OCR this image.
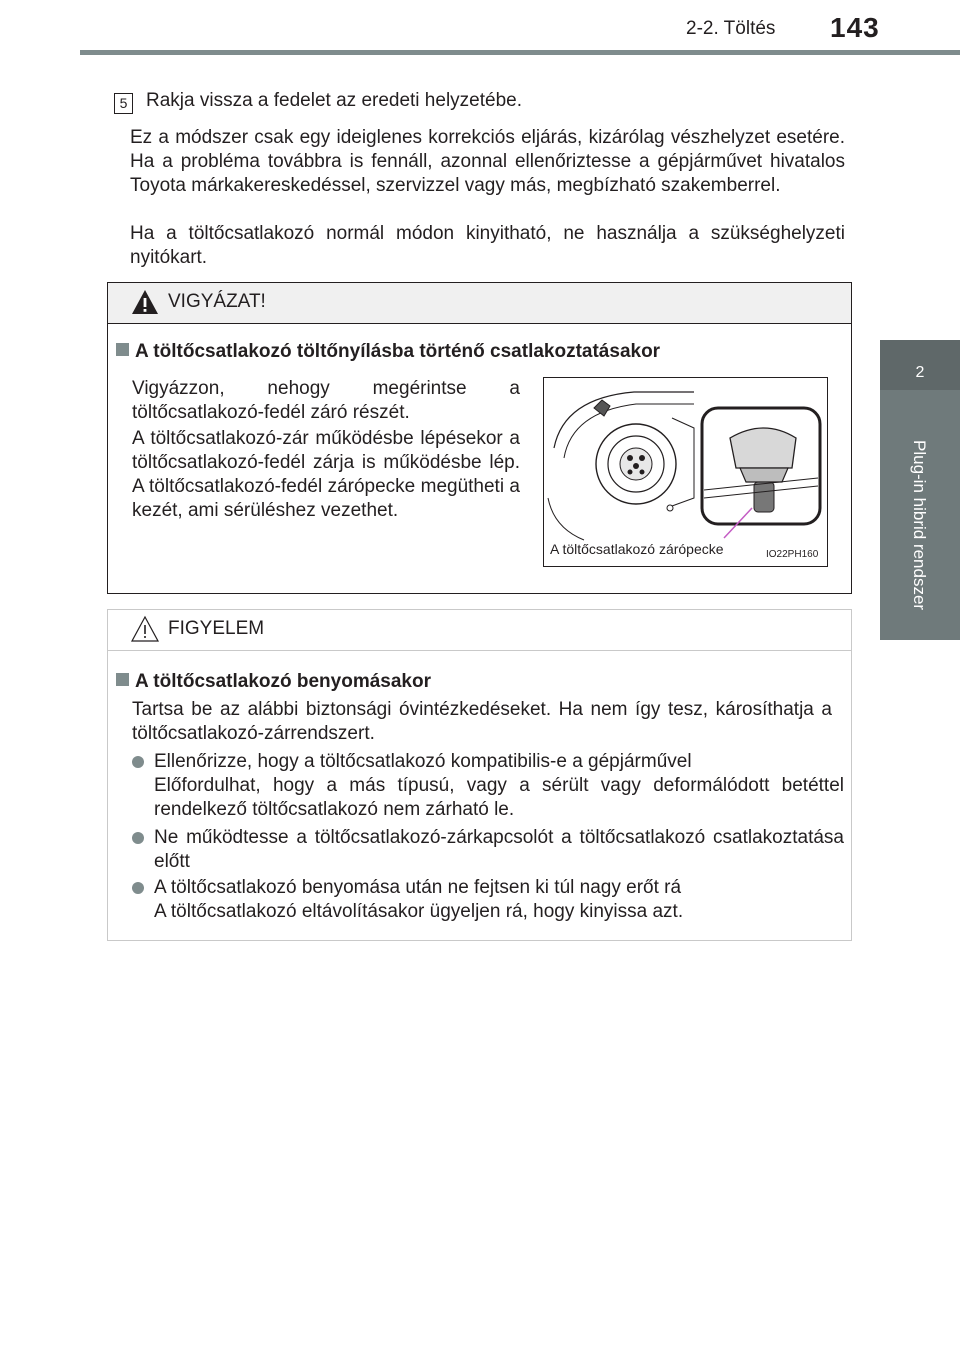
2-2. Töltés 143
2
Plug-in hibrid rendszer
5 Rakja vissza a fedelet az eredeti helyzetébe.

Ez a módszer csak egy ideiglenes korrekciós eljárás, kizárólag vészhelyzet esetére. Ha a probléma továbbra is fennáll, azonnal ellenőriztesse a gépjárművet hivatalos Toyota márkakereskedéssel, szervizzel vagy más, megbízható szakemberrel.

Ha a töltőcsatlakozó normál módon kinyitható, ne használja a szükséghelyzeti nyitókart.

VIGYÁZAT!
A töltőcsatlakozó töltőnyílásba történő csatlakoztatásakor

Vigyázzon, nehogy megérintse a töltőcsatlakozó-fedél záró részét.

A töltőcsatlakozó-zár működésbe lépésekor a töltőcsatlakozó-fedél zárja is működésbe lép. A töltőcsatlakozó-fedél zárópecke megütheti a kezét, ami sérüléshez vezethet.

A töltőcsatlakozó zárópecke	IO22PH160
FIGYELEM
A töltőcsatlakozó benyomásakor

Tartsa be az alábbi biztonsági óvintézkedéseket. Ha nem így tesz, károsíthatja a töltőcsatlakozó-zárrendszert.

Ellenőrizze, hogy a töltőcsatlakozó kompatibilis-e a gépjárművel
Előfordulhat, hogy a más típusú, vagy a sérült vagy deformálódott betéttel rendelkező töltőcsatlakozó nem zárható le.
Ne működtesse a töltőcsatlakozó-zárkapcsolót a töltőcsatlakozó csatlakoztatása előtt
A töltőcsatlakozó benyomása után ne fejtsen ki túl nagy erőt rá
A töltőcsatlakozó eltávolításakor ügyeljen rá, hogy kinyissa azt.
